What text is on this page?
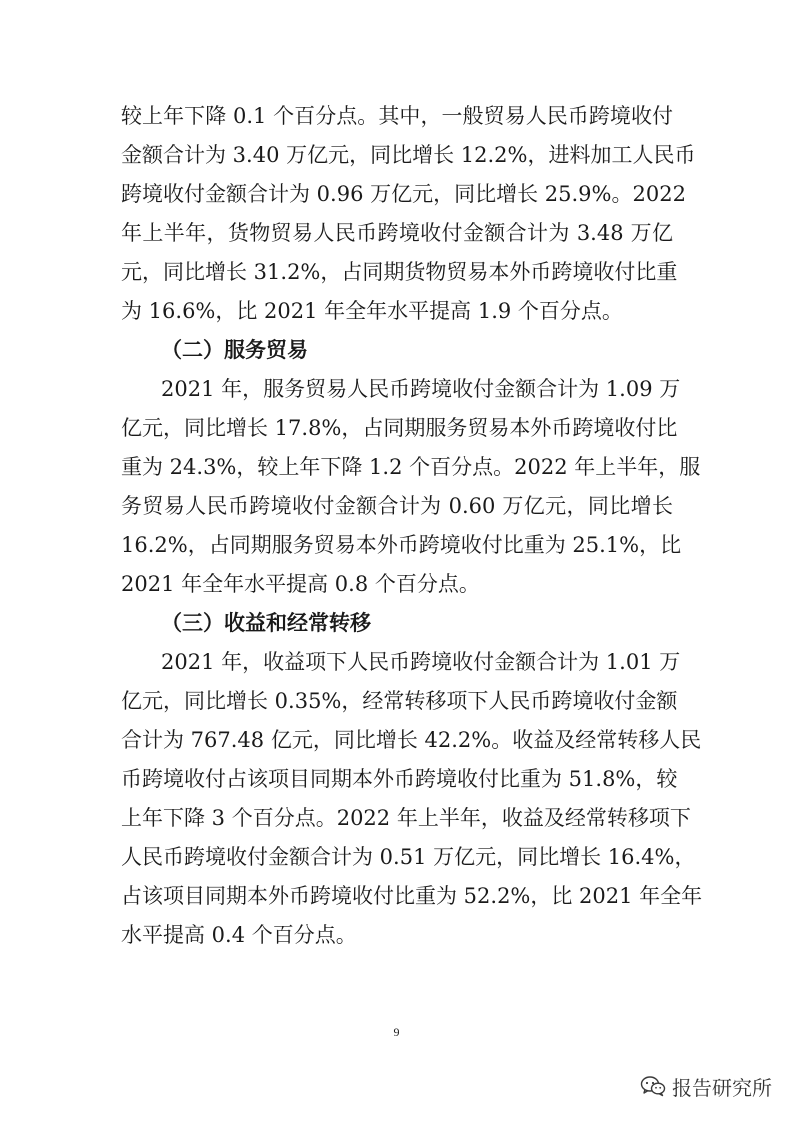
较上年下降 0.1 个百分点。其中，一般贸易人民币跨境收付
金额合计为 3.40 万亿元，同比增长 12.2%，进料加工人民币
跨境收付金额合计为 0.96 万亿元，同比增长 25.9%。2022
年上半年，货物贸易人民币跨境收付金额合计为 3.48 万亿
元，同比增长 31.2%，占同期货物贸易本外币跨境收付比重
为 16.6%，比 2021 年全年水平提高 1.9 个百分点。
（二）服务贸易
2021 年，服务贸易人民币跨境收付金额合计为 1.09 万
亿元，同比增长 17.8%，占同期服务贸易本外币跨境收付比
重为 24.3%，较上年下降 1.2 个百分点。2022 年上半年，服
务贸易人民币跨境收付金额合计为 0.60 万亿元，同比增长
16.2%，占同期服务贸易本外币跨境收付比重为 25.1%，比
2021 年全年水平提高 0.8 个百分点。
（三）收益和经常转移
2021 年，收益项下人民币跨境收付金额合计为 1.01 万
亿元，同比增长 0.35%，经常转移项下人民币跨境收付金额
合计为 767.48 亿元，同比增长 42.2%。收益及经常转移人民
币跨境收付占该项目同期本外币跨境收付比重为 51.8%，较
上年下降 3 个百分点。2022 年上半年，收益及经常转移项下
人民币跨境收付金额合计为 0.51 万亿元，同比增长 16.4%，
占该项目同期本外币跨境收付比重为 52.2%，比 2021 年全年
水平提高 0.4 个百分点。
9
报告研究所
